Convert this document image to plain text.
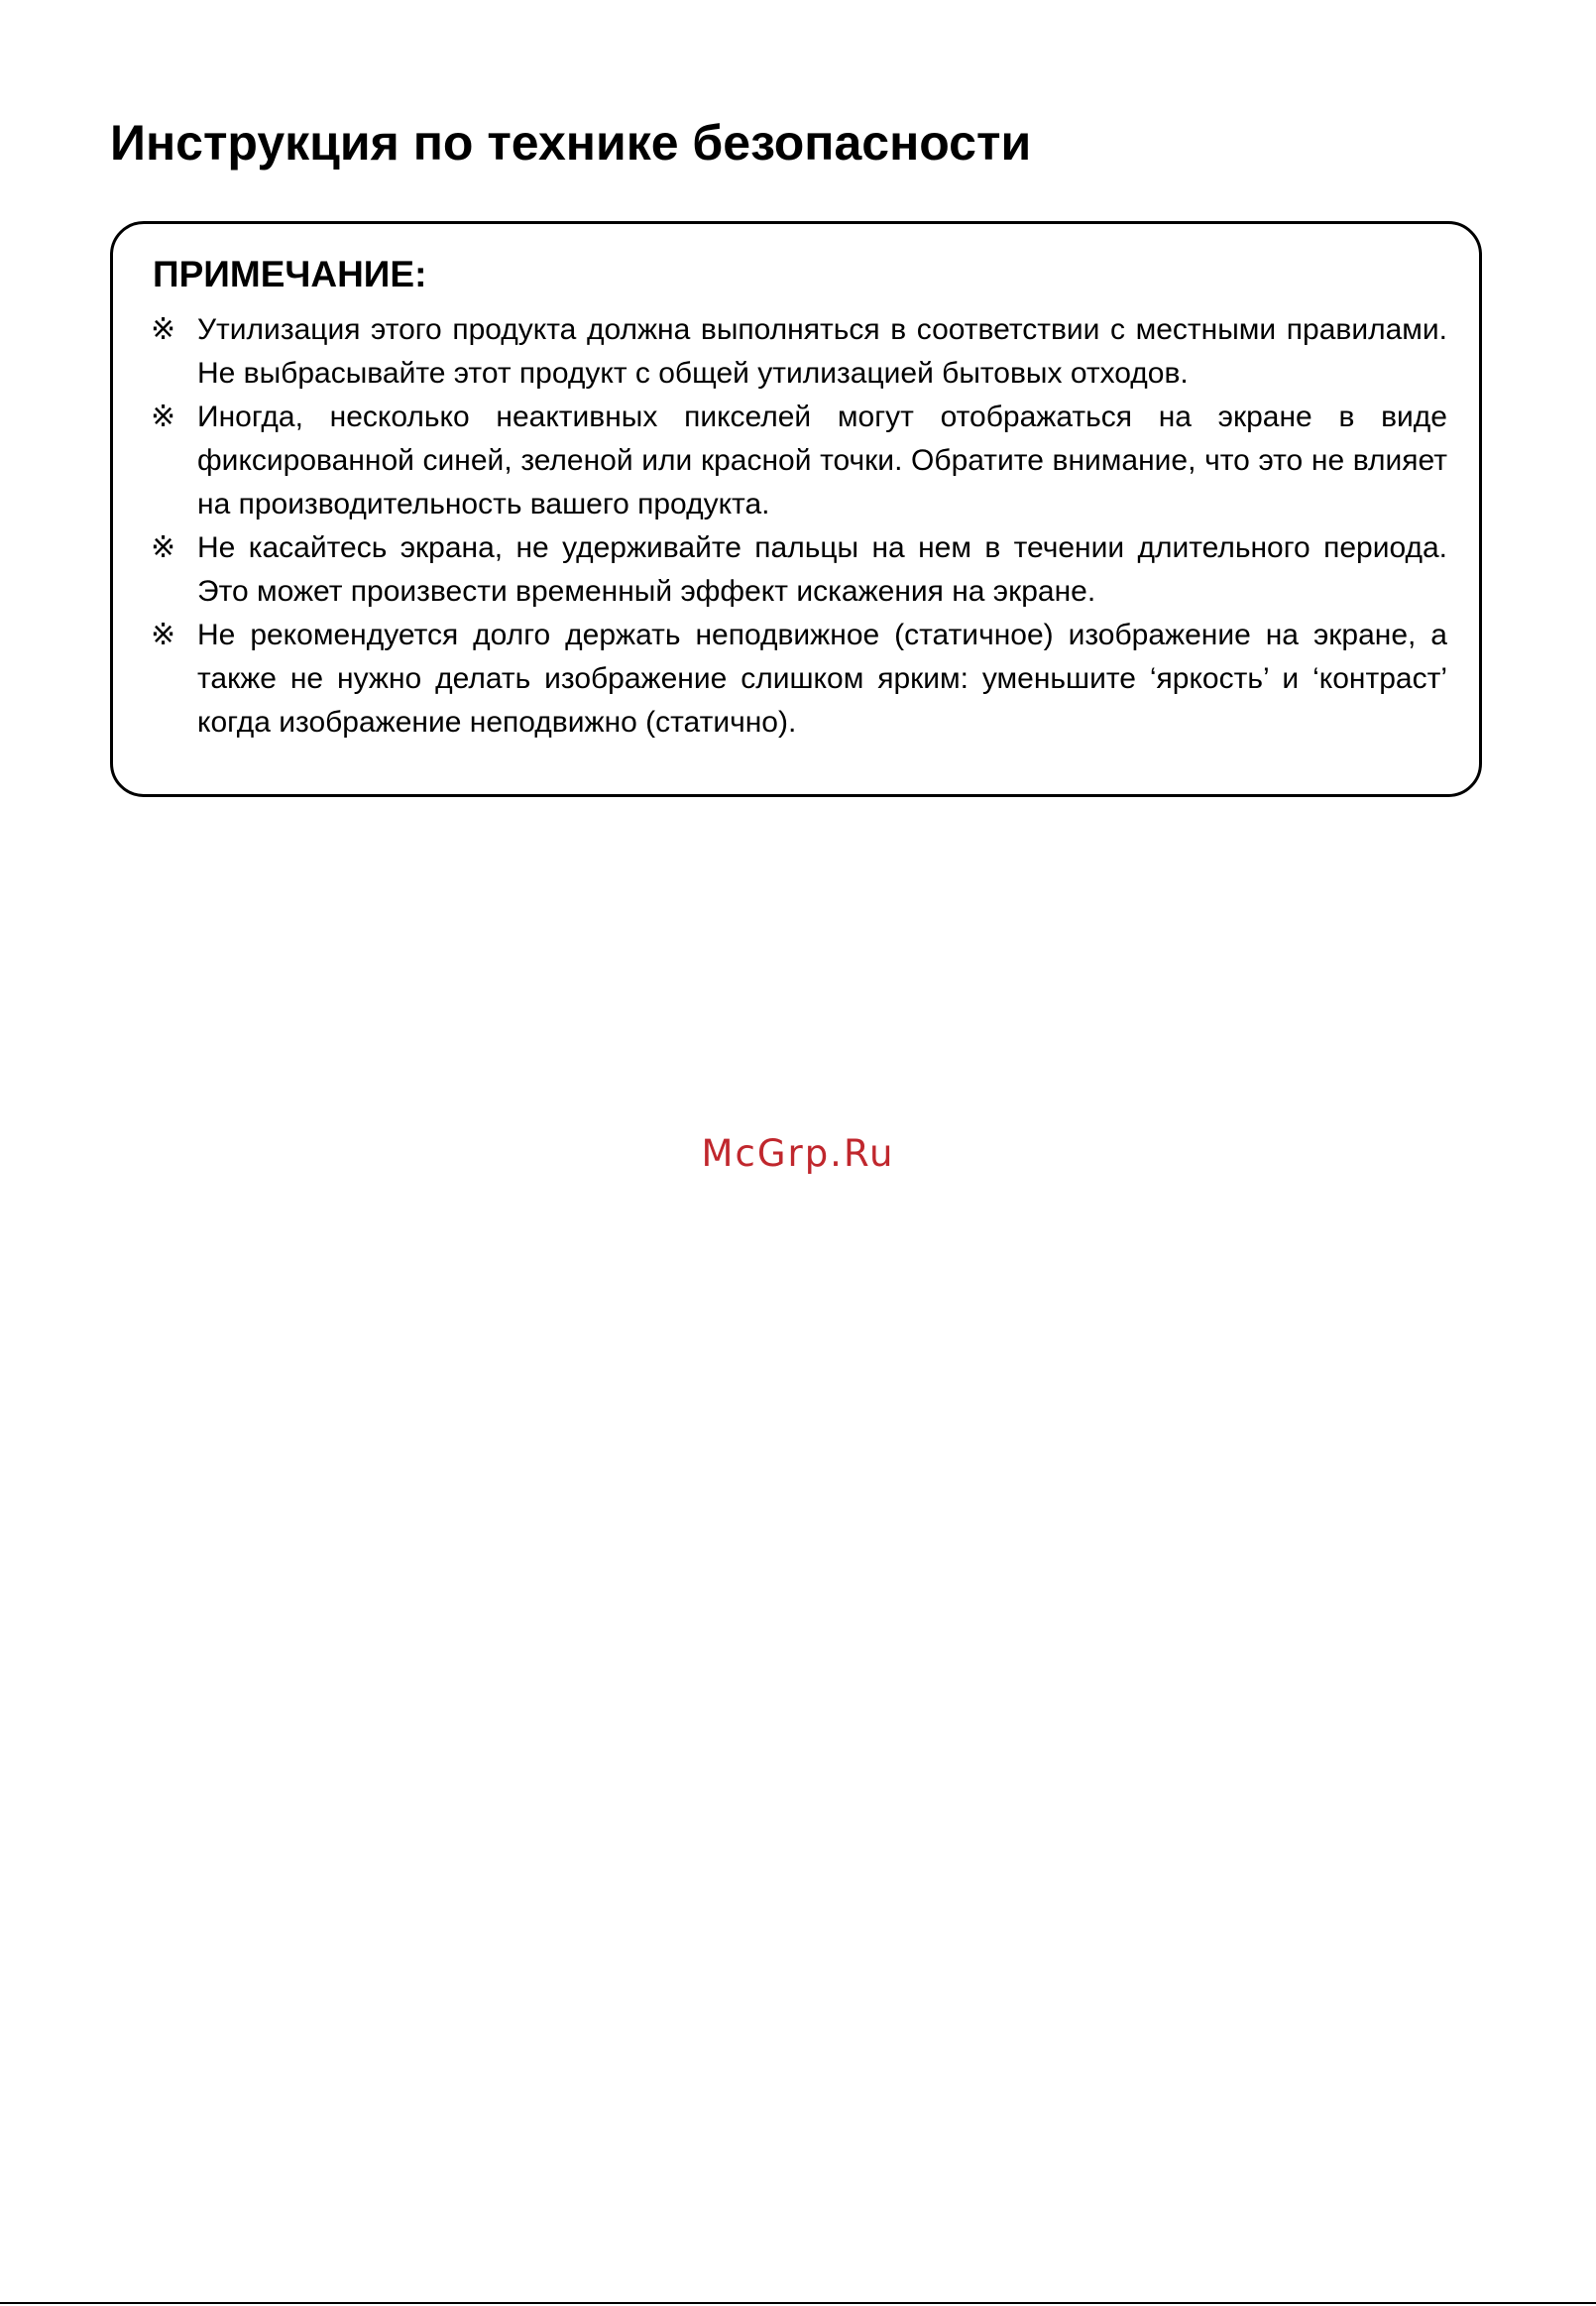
Инструкция по технике безопасности
ПРИМЕЧАНИЕ:
※ Утилизация этого продукта должна выполняться в соответствии с местными правилами. Не выбрасывайте этот продукт с общей утилизацией бытовых отходов.
※ Иногда, несколько неактивных пикселей могут отображаться на экране в виде фиксированной синей, зеленой или красной точки. Обратите внимание, что это не влияет на производительность вашего продукта.
※ Не касайтесь экрана, не удерживайте пальцы на нем в течении длительного периода. Это может произвести временный эффект искажения на экране.
※ Не рекомендуется долго держать неподвижное (статичное) изображение на экране, а также не нужно делать изображение слишком ярким: уменьшите ‘яркость’ и ‘контраст’ когда изображение неподвижно (статично).
McGrp.Ru
